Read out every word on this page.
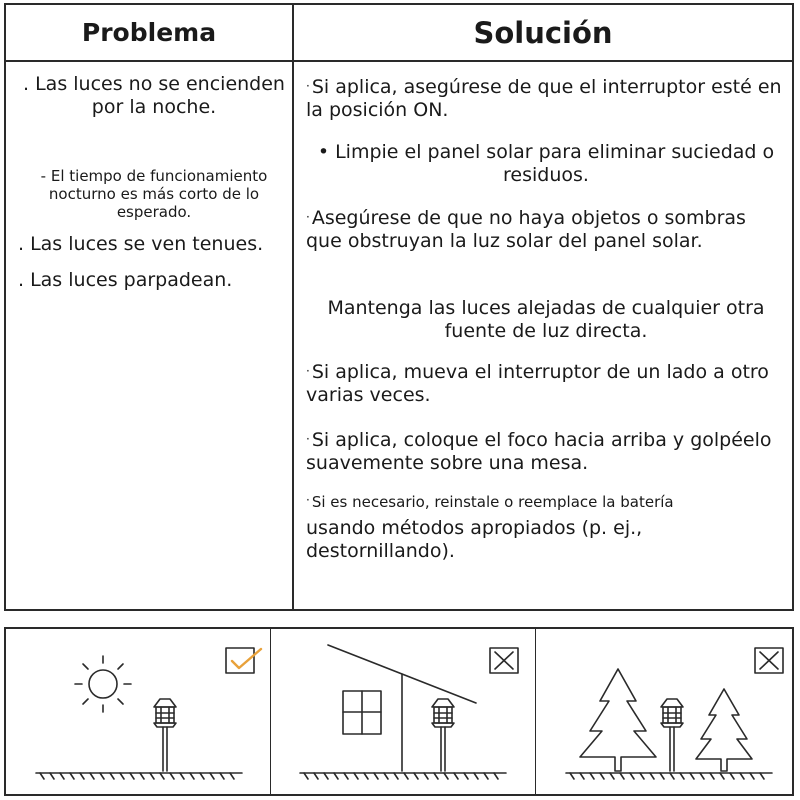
Problema	Solución
. Las luces no se encienden por la noche.
- El tiempo de funcionamiento nocturno es más corto de lo esperado.
. Las luces se ven tenues.
. Las luces parpadean.
· Si aplica, asegúrese de que el interruptor esté en la posición ON.
• Limpie el panel solar para eliminar suciedad o residuos.
· Asegúrese de que no haya objetos o sombras que obstruyan la luz solar del panel solar.
Mantenga las luces alejadas de cualquier otra fuente de luz directa.
· Si aplica, mueva el interruptor de un lado a otro varias veces.
· Si aplica, coloque el foco hacia arriba y golpéelo suavemente sobre una mesa.
· Si es necesario, reinstale o reemplace la batería
usando métodos apropiados (p. ej., destornillando).
